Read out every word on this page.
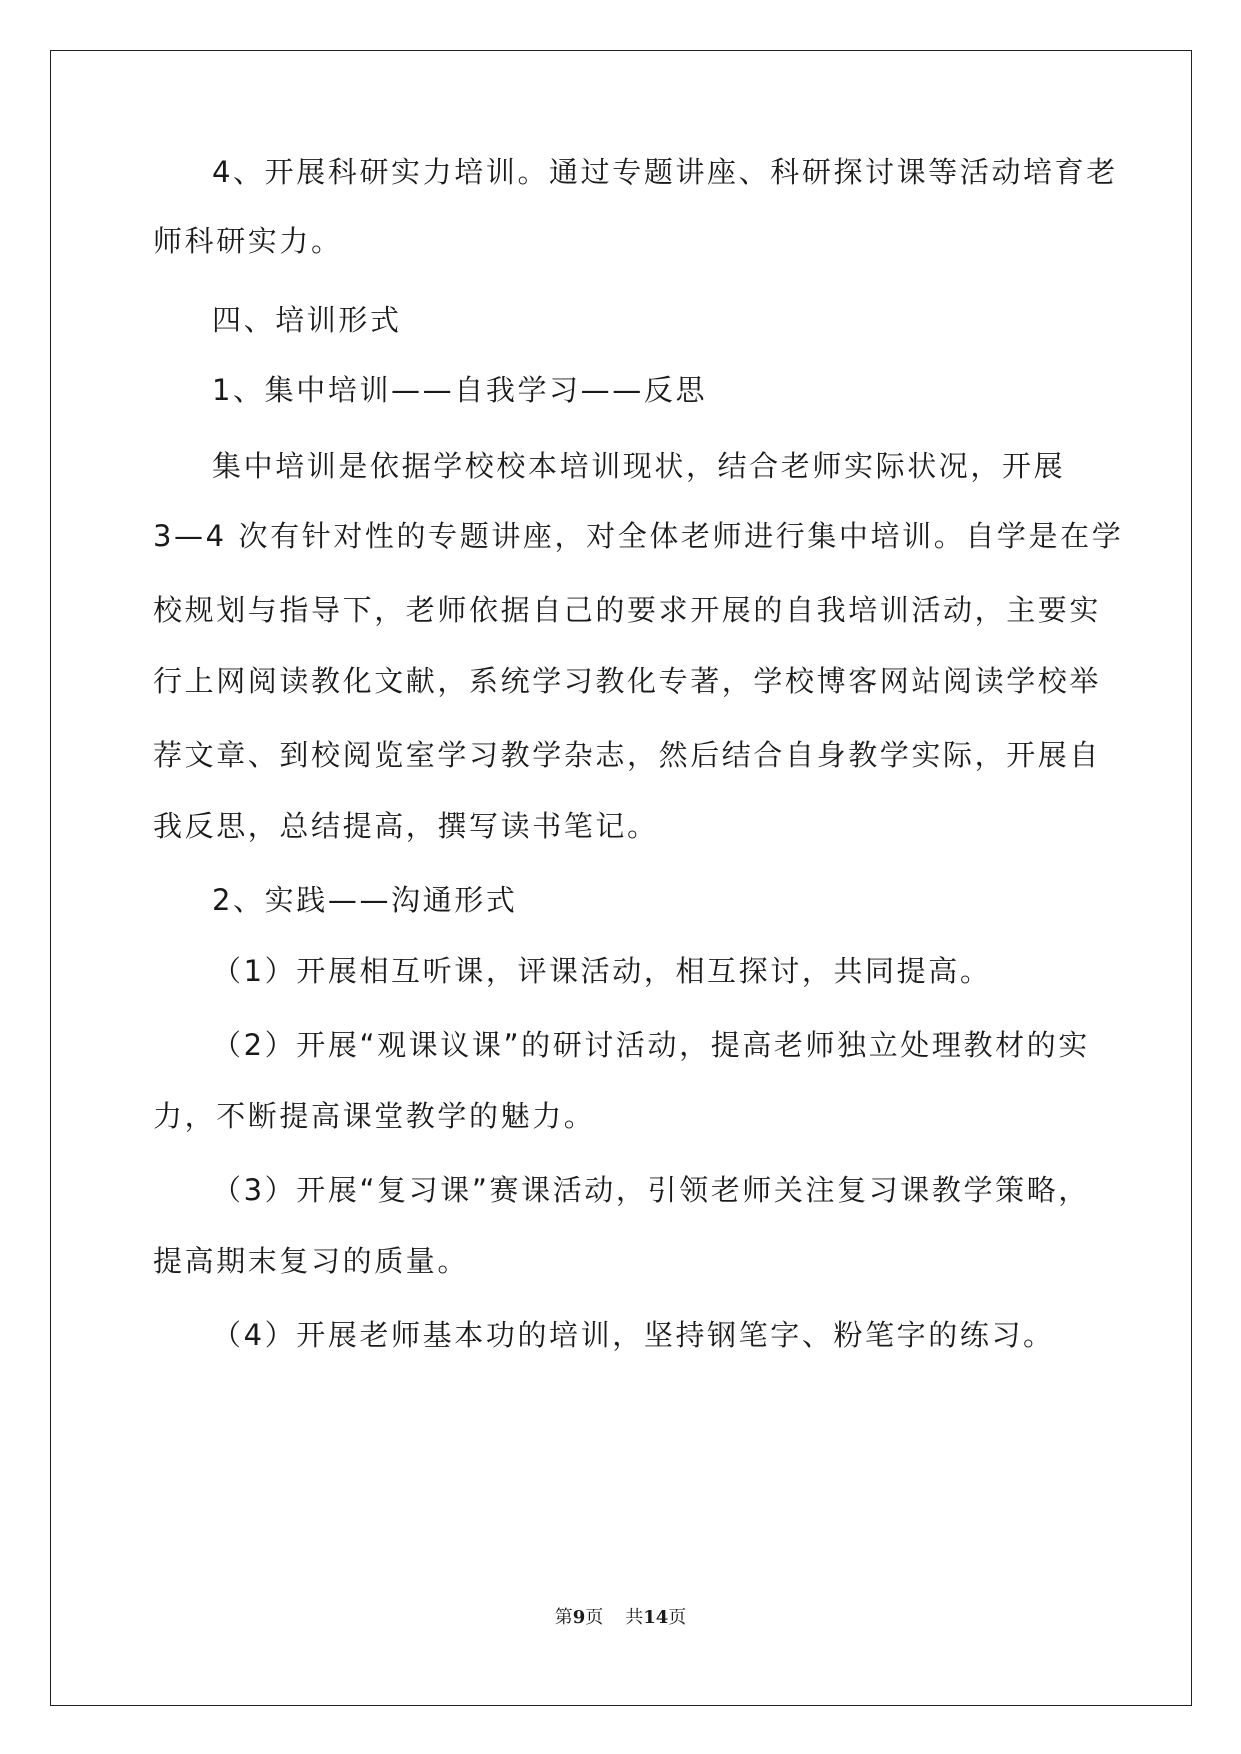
4、开展科研实力培训。通过专题讲座、科研探讨课等活动培育老
师科研实力。
四、培训形式
1、集中培训——自我学习——反思
集中培训是依据学校校本培训现状，结合老师实际状况，开展
3—4 次有针对性的专题讲座，对全体老师进行集中培训。自学是在学
校规划与指导下，老师依据自己的要求开展的自我培训活动，主要实
行上网阅读教化文献，系统学习教化专著，学校博客网站阅读学校举
荐文章、到校阅览室学习教学杂志，然后结合自身教学实际，开展自
我反思，总结提高，撰写读书笔记。
2、实践——沟通形式
（1）开展相互听课，评课活动，相互探讨，共同提高。
（2）开展“观课议课”的研讨活动，提高老师独立处理教材的实
力，不断提高课堂教学的魅力。
（3）开展“复习课”赛课活动，引领老师关注复习课教学策略，
提高期末复习的质量。
（4）开展老师基本功的培训，坚持钢笔字、粉笔字的练习。
第9页 共14页
